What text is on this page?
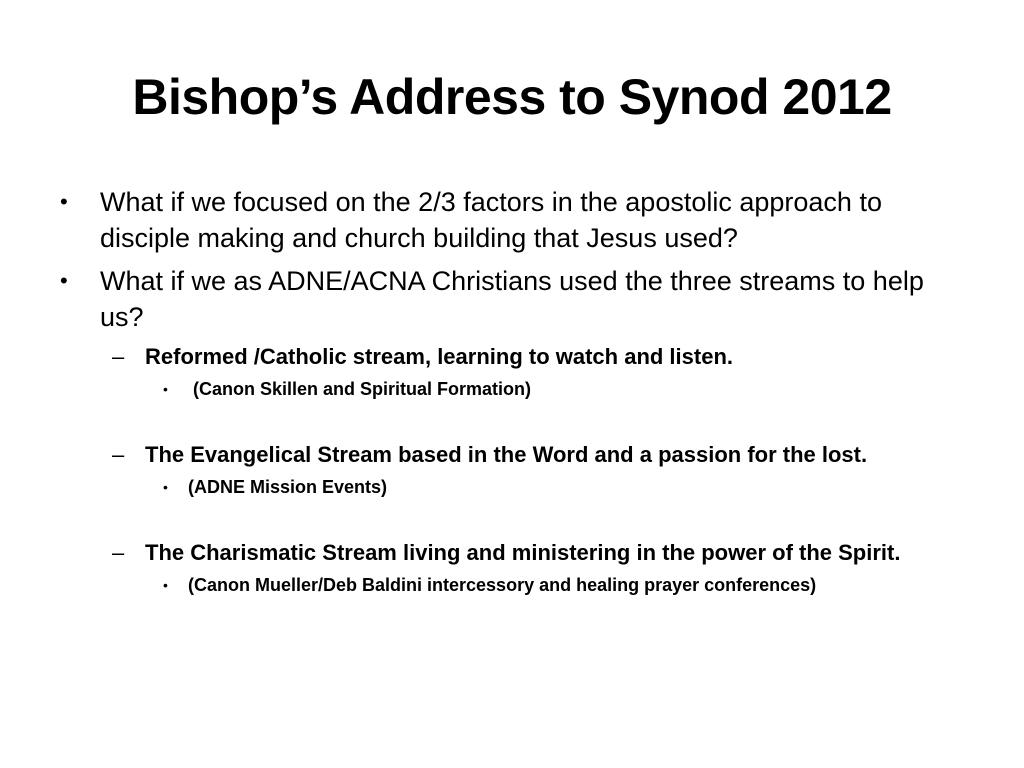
Bishop’s Address to Synod 2012
•	What if we focused on the 2/3 factors in the apostolic approach to disciple making and church building that Jesus used?
•	What if we as ADNE/ACNA Christians used the three streams to help us?
– Reformed /Catholic stream, learning to watch and listen.
• (Canon Skillen and Spiritual Formation)
– The Evangelical Stream based in the Word and a passion for the lost.
• (ADNE Mission Events)
– The Charismatic Stream living and ministering in the power of the Spirit.
• (Canon Mueller/Deb Baldini intercessory and healing prayer conferences)
